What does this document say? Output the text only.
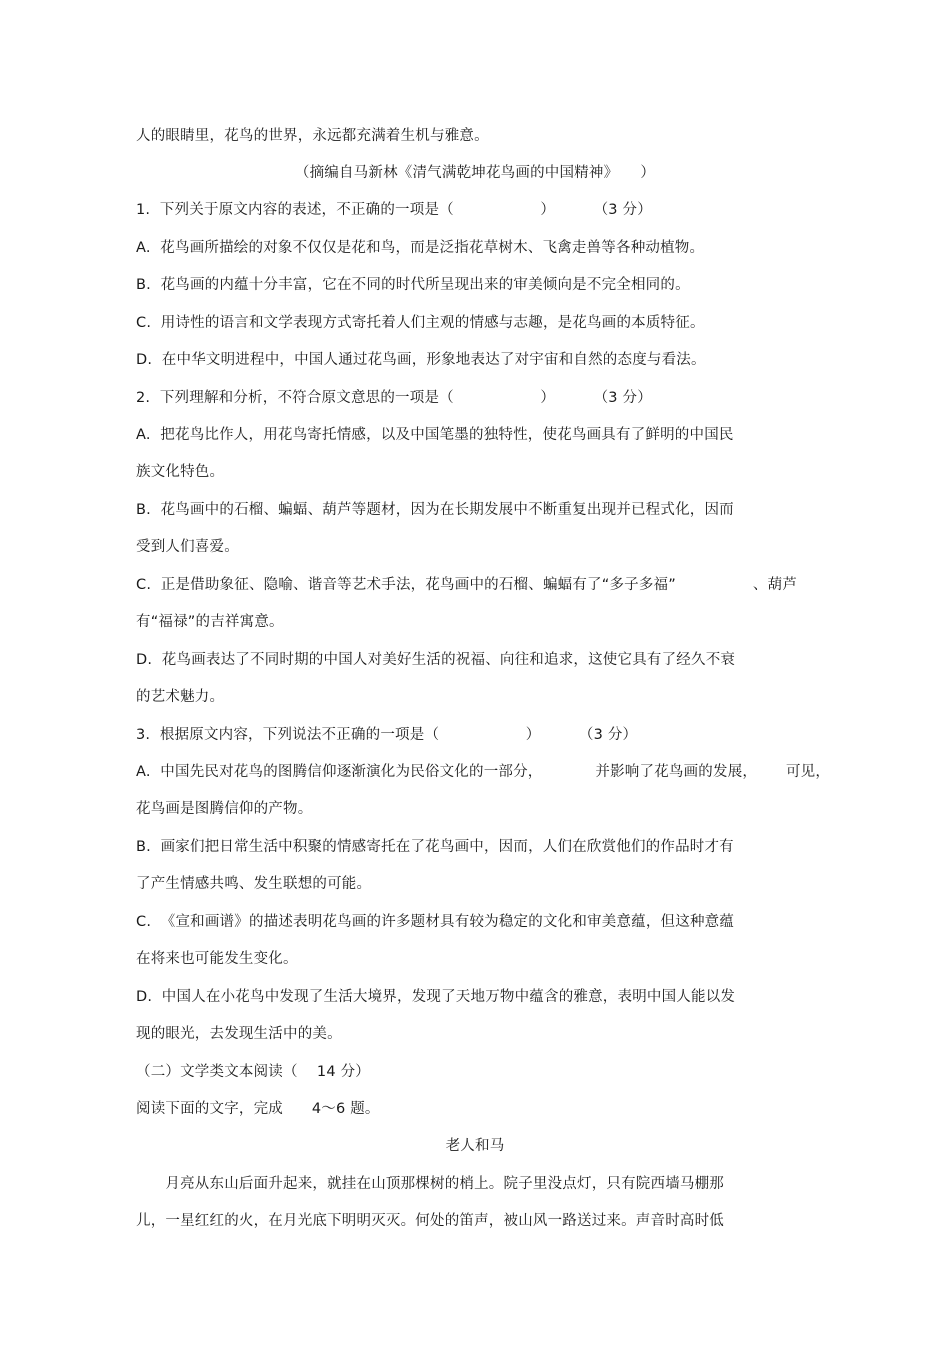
人的眼睛里，花鸟的世界，永远都充满着生机与雅意。
（摘编自马新林《清气满乾坤花鸟画的中国精神》　　）
1.  下列关于原文内容的表述，不正确的一项是（                  ）        （3 分）
A.  花鸟画所描绘的对象不仅仅是花和鸟，而是泛指花草树木、飞禽走兽等各种动植物。
B.  花鸟画的内蕴十分丰富，它在不同的时代所呈现出来的审美倾向是不完全相同的。
C.  用诗性的语言和文学表现方式寄托着人们主观的情感与志趣，是花鸟画的本质特征。
D.  在中华文明进程中，中国人通过花鸟画，形象地表达了对宇宙和自然的态度与看法。
2.  下列理解和分析，不符合原文意思的一项是（                  ）        （3 分）
A.  把花鸟比作人，用花鸟寄托情感，以及中国笔墨的独特性，使花鸟画具有了鲜明的中国民
族文化特色。
B.  花鸟画中的石榴、蝙蝠、葫芦等题材，因为在长期发展中不断重复出现并已程式化，因而
受到人们喜爱。
C.  正是借助象征、隐喻、谐音等艺术手法，花鸟画中的石榴、蝙蝠有了“多子多福”                、葫芦
有“福禄”的吉祥寓意。
D.  花鸟画表达了不同时期的中国人对美好生活的祝福、向往和追求，这使它具有了经久不衰
的艺术魅力。
3.  根据原文内容，下列说法不正确的一项是（                  ）        （3 分）
A.  中国先民对花鸟的图腾信仰逐渐演化为民俗文化的一部分，           并影响了花鸟画的发展，      可见，
花鸟画是图腾信仰的产物。
B.  画家们把日常生活中积聚的情感寄托在了花鸟画中，因而，人们在欣赏他们的作品时才有
了产生情感共鸣、发生联想的可能。
C.  《宣和画谱》的描述表明花鸟画的许多题材具有较为稳定的文化和审美意蕴，但这种意蕴
在将来也可能发生变化。
D.  中国人在小花鸟中发现了生活大境界，发现了天地万物中蕴含的雅意，表明中国人能以发
现的眼光，去发现生活中的美。
（二）文学类文本阅读（    14 分）
阅读下面的文字，完成      4～6 题。
老人和马
　　月亮从东山后面升起来，就挂在山顶那棵树的梢上。院子里没点灯，只有院西墙马棚那
儿，一星红红的火，在月光底下明明灭灭。何处的笛声，被山风一路送过来。声音时高时低
